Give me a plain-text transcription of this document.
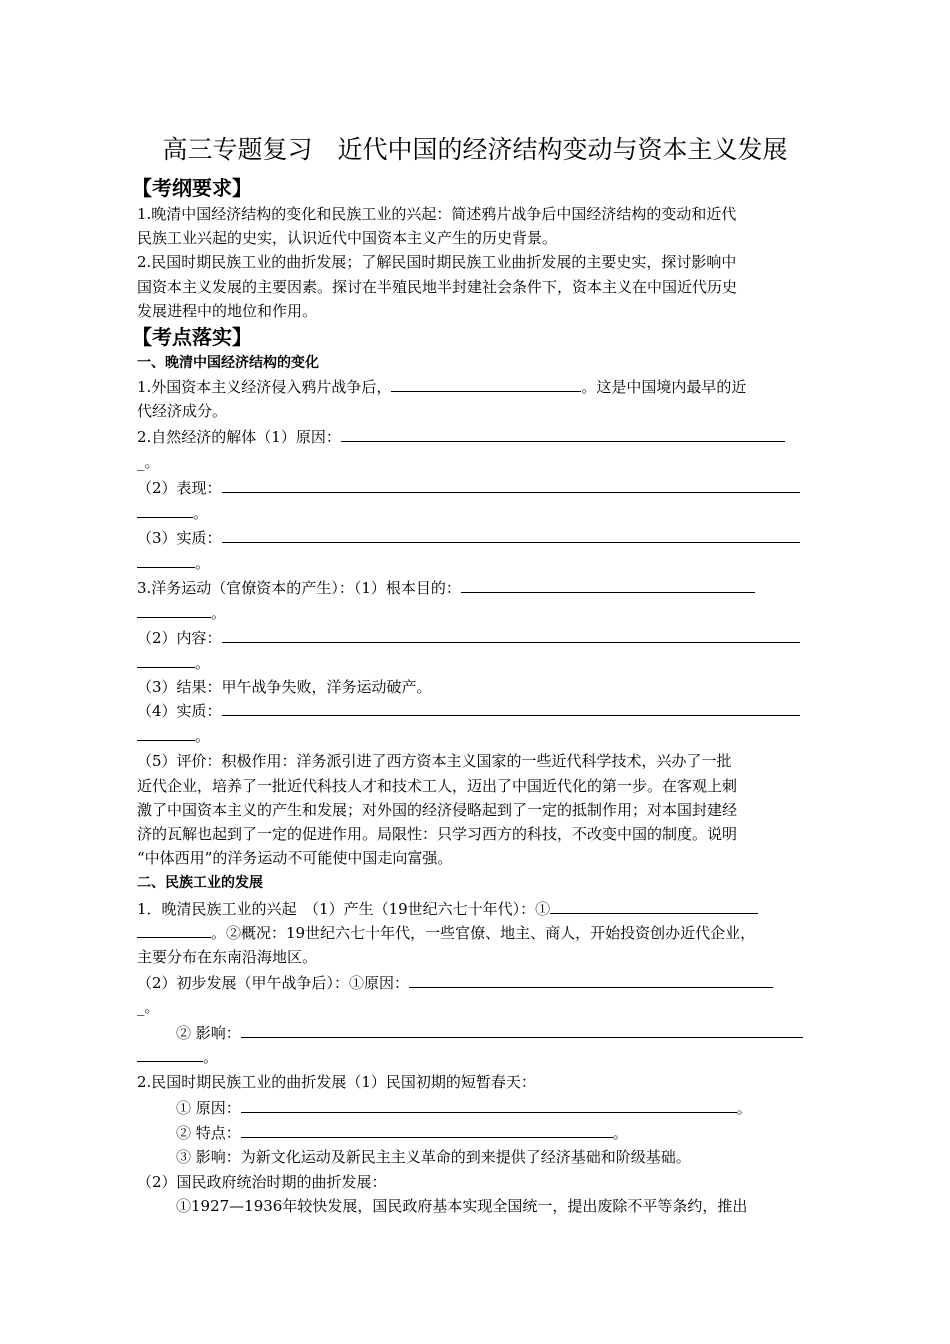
高三专题复习　近代中国的经济结构变动与资本主义发展
【考纲要求】
1.晚清中国经济结构的变化和民族工业的兴起：简述鸦片战争后中国经济结构的变动和近代
民族工业兴起的史实，认识近代中国资本主义产生的历史背景。
2.民国时期民族工业的曲折发展；了解民国时期民族工业曲折发展的主要史实，探讨影响中
国资本主义发展的主要因素。探讨在半殖民地半封建社会条件下，资本主义在中国近代历史
发展进程中的地位和作用。
【考点落实】
一、晚清中国经济结构的变化
1.外国资本主义经济侵入鸦片战争后，	。这是中国境内最早的近
代经济成分。
2.自然经济的解体（1）原因：
_。
（2）表现：
。
（3）实质：
。
3.洋务运动（官僚资本的产生）：（1）根本目的：
。
（2）内容：
。
（3）结果：甲午战争失败，洋务运动破产。
（4）实质：
。
（5）评价：积极作用：洋务派引进了西方资本主义国家的一些近代科学技术，兴办了一批
近代企业，培养了一批近代科技人才和技术工人，迈出了中国近代化的第一步。在客观上刺
激了中国资本主义的产生和发展；对外国的经济侵略起到了一定的抵制作用；对本国封建经
济的瓦解也起到了一定的促进作用。局限性：只学习西方的科技，不改变中国的制度。说明
“中体西用”的洋务运动不可能使中国走向富强。
二、民族工业的发展
1．晚清民族工业的兴起　（1）产生（19世纪六七十年代）：①
。②概况：19世纪六七十年代，一些官僚、地主、商人，开始投资创办近代企业，
主要分布在东南沿海地区。
（2）初步发展（甲午战争后）：①原因：
_。
② 影响：
。
2.民国时期民族工业的曲折发展（1）民国初期的短暂春天：
① 原因：	。
② 特点：	。
③ 影响：为新文化运动及新民主主义革命的到来提供了经济基础和阶级基础。
（2）国民政府统治时期的曲折发展：
①1927—1936年较快发展，国民政府基本实现全国统一，提出废除不平等条约，推出
